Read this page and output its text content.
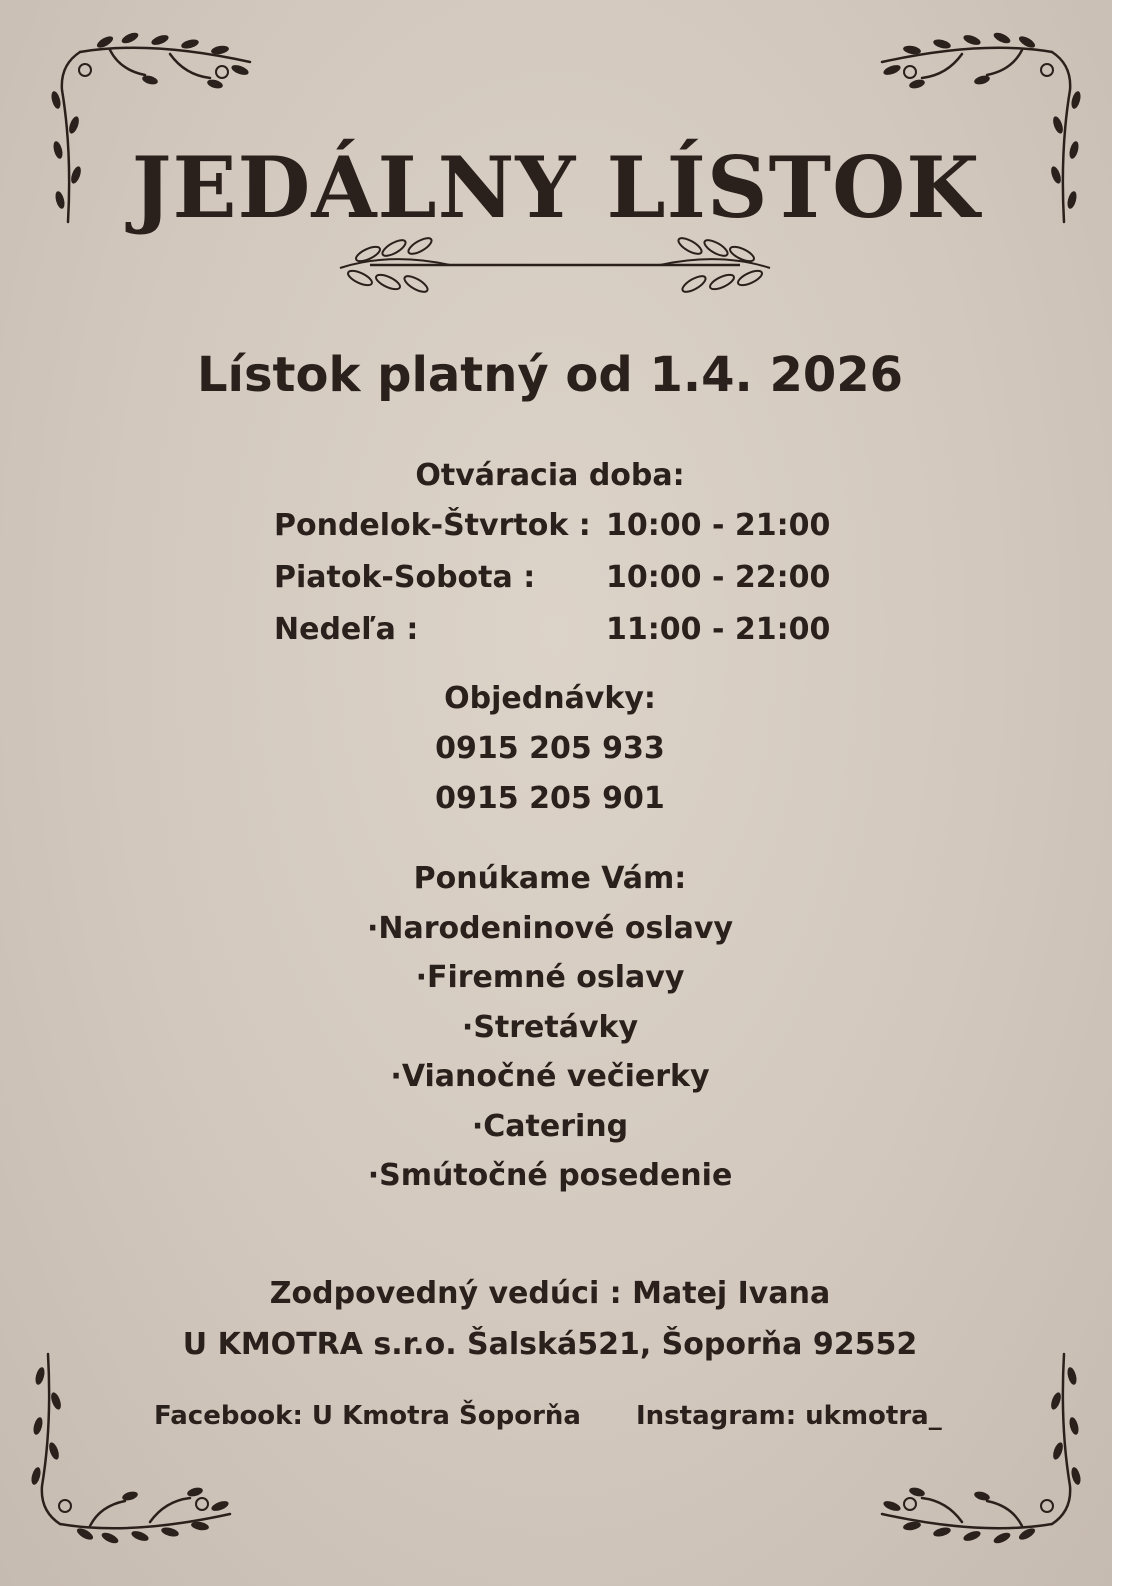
JEDÁLNY LÍSTOK
Lístok platný od 1.4. 2026
Otváracia doba:
Pondelok-Štvrtok : 10:00 - 21:00
Piatok-Sobota : 10:00 - 22:00
Nedeľa :	11:00 - 21:00
Objednávky:
0915 205 933
0915 205 901
Ponúkame Vám:
·Narodeninové oslavy
·Firemné oslavy
·Stretávky
·Vianočné večierky
·Catering
·Smútočné posedenie
Zodpovedný vedúci : Matej Ivana
U KMOTRA s.r.o. Šalská521, Šoporňa 92552
Facebook: U Kmotra Šoporňa Instagram: ukmotra_
